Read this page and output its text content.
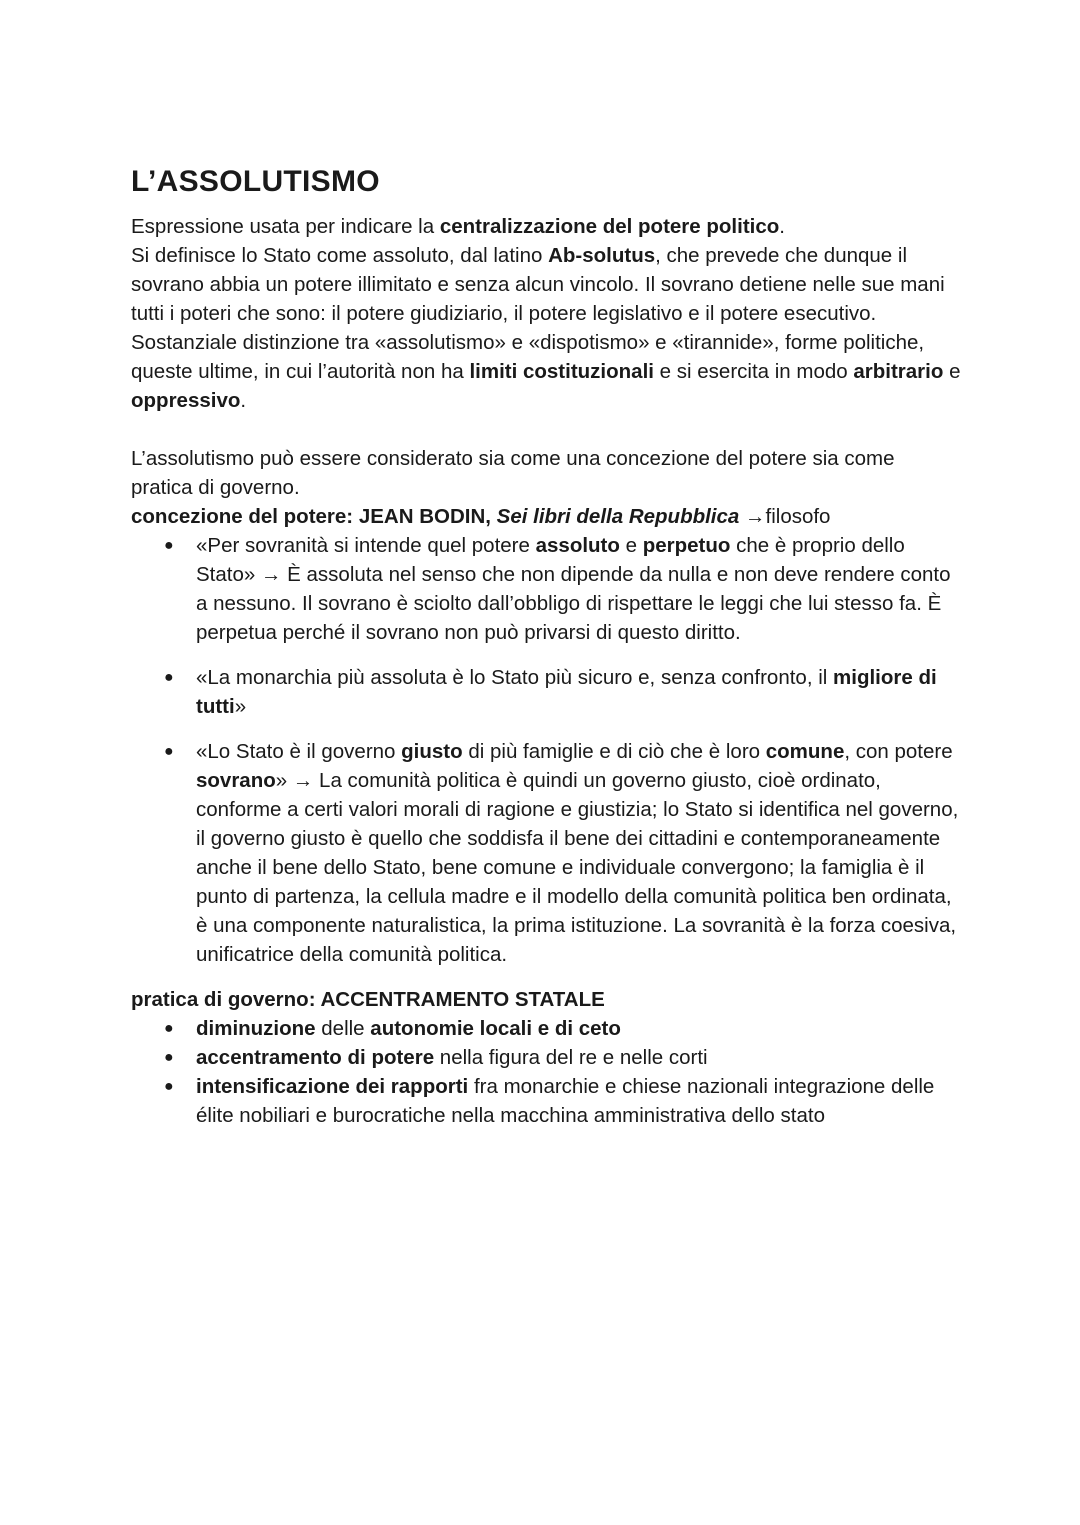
L’ASSOLUTISMO

Espressione usata per indicare la centralizzazione del potere politico.

Si definisce lo Stato come assoluto, dal latino Ab-solutus, che prevede che dunque il sovrano abbia un potere illimitato e senza alcun vincolo. Il sovrano detiene nelle sue mani tutti i poteri che sono: il potere giudiziario, il potere legislativo e il potere esecutivo.

Sostanziale distinzione tra «assolutismo» e «dispotismo» e «tirannide», forme politiche, queste ultime, in cui l’autorità non ha limiti costituzionali e si esercita in modo arbitrario e oppressivo.

L’assolutismo può essere considerato sia come una concezione del potere sia come pratica di governo.

concezione del potere: JEAN BODIN, Sei libri della Repubblica →filosofo

● «Per sovranità si intende quel potere assoluto e perpetuo che è proprio dello Stato» → È assoluta nel senso che non dipende da nulla e non deve rendere conto a nessuno. Il sovrano è sciolto dall’obbligo di rispettare le leggi che lui stesso fa. È perpetua perché il sovrano non può privarsi di questo diritto.
● «La monarchia più assoluta è lo Stato più sicuro e, senza confronto, il migliore di tutti»
● «Lo Stato è il governo giusto di più famiglie e di ciò che è loro comune, con potere sovrano» → La comunità politica è quindi un governo giusto, cioè ordinato, conforme a certi valori morali di ragione e giustizia; lo Stato si identifica nel governo, il governo giusto è quello che soddisfa il bene dei cittadini e contemporaneamente anche il bene dello Stato, bene comune e individuale convergono; la famiglia è il punto di partenza, la cellula madre e il modello della comunità politica ben ordinata, è una componente naturalistica, la prima istituzione. La sovranità è la forza coesiva, unificatrice della comunità politica.

pratica di governo: ACCENTRAMENTO STATALE

● diminuzione delle autonomie locali e di ceto
● accentramento di potere nella figura del re e nelle corti
● intensificazione dei rapporti fra monarchie e chiese nazionali integrazione delle élite nobiliari e burocratiche nella macchina amministrativa dello stato
